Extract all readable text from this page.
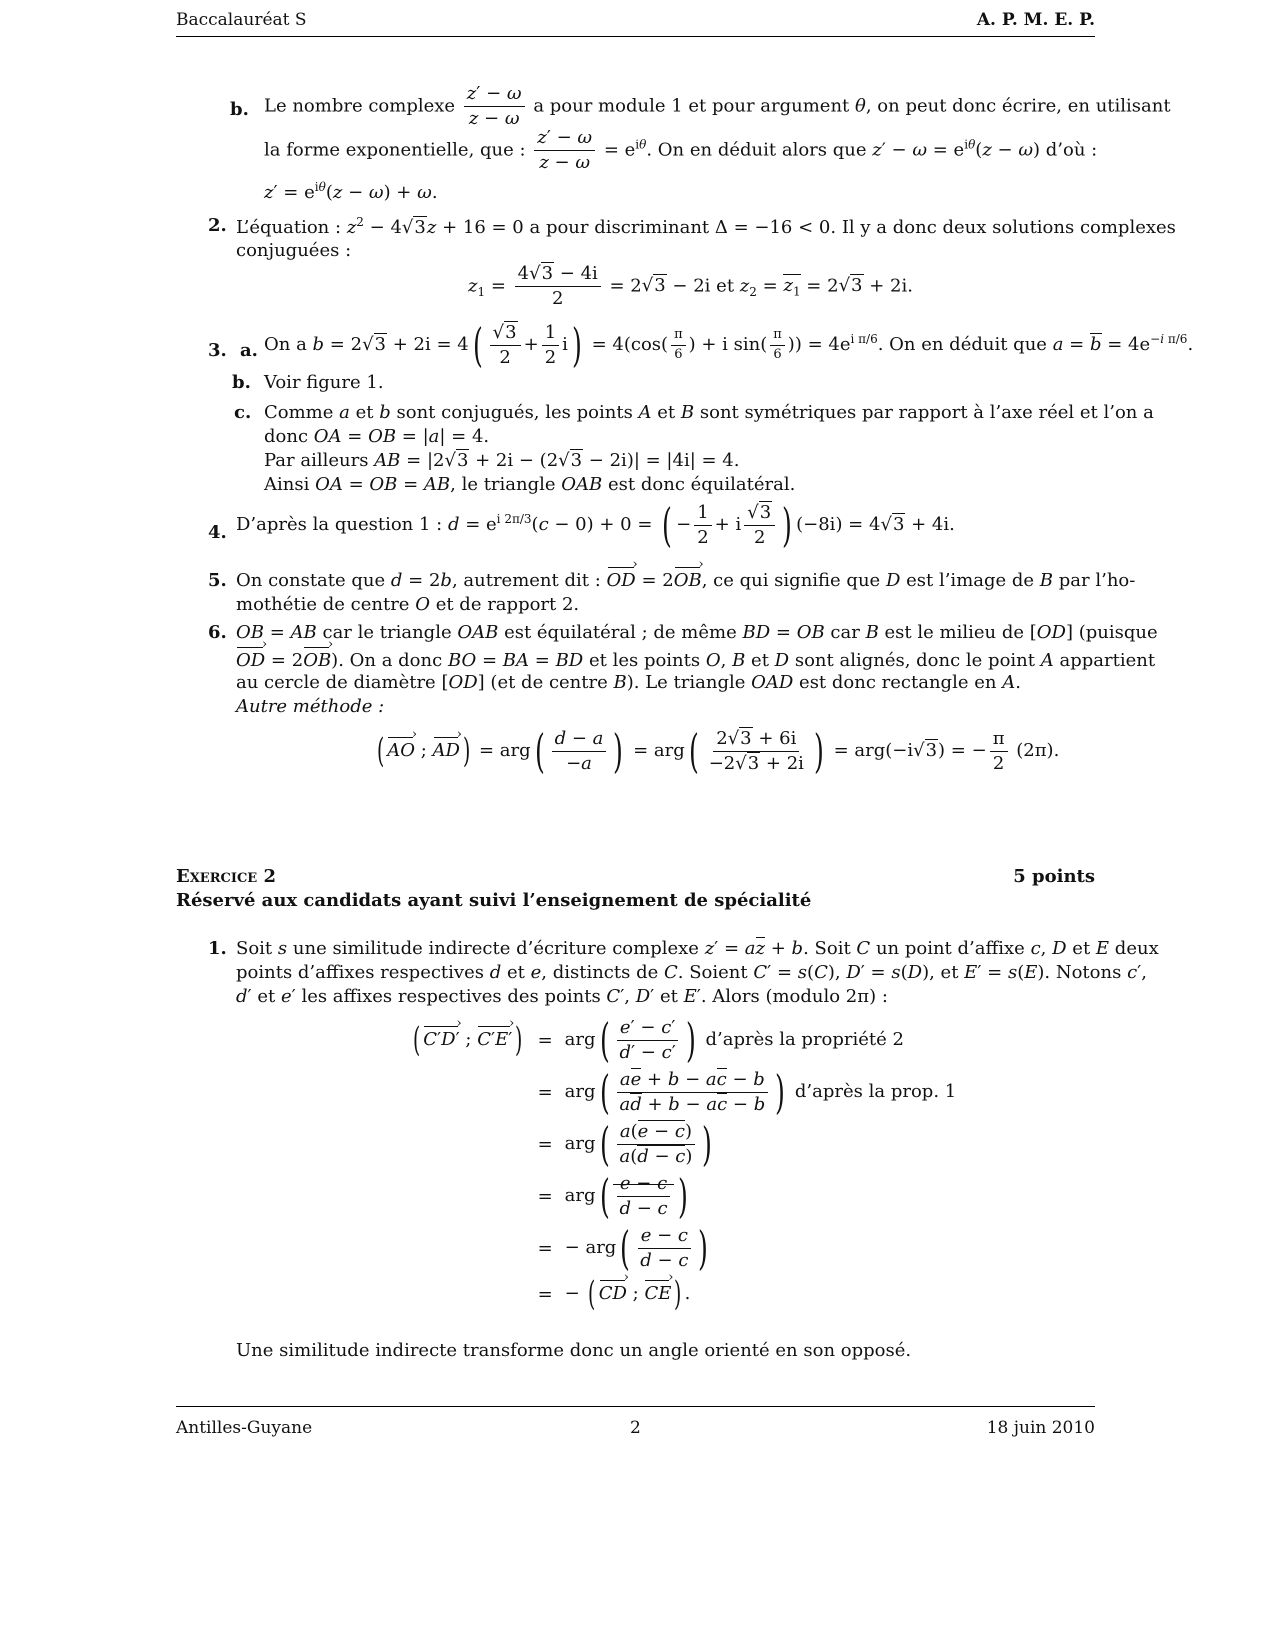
Baccalauréat S	A. P. M. E. P.
b. Le nombre complexe $\frac{z' - \omega}{z - \omega}$ a pour module 1 et pour argument θ, on peut donc écrire, en utilisant
la forme exponentielle, que : $\frac{z' - \omega}{z - \omega} = e^{i\theta}$. On en déduit alors que $z' - \omega = e^{i\theta}(z - \omega)$ d’où :
$z' = e^{i\theta}(z - \omega) + \omega$.
2. L’équation : $z^2 - 4√3z + 16 = 0$ a pour discriminant Δ = −16 < 0. Il y a donc deux solutions complexes
conjuguées :
$z_1 = \frac{4√3 - 4i}{2} = 2√3 - 2i$ et $z_2 = z_1 = 2√3 + 2i$.
3. a. On a $b = 2√3 + 2i = 4( \frac{√3}{2} + \frac{1}{2} i) = 4(\cos( \frac{\pi}{6}$ ) + i $\sin( \frac{\pi}{6}$ )) = $4e^{i \pi/6}$. On en déduit que $a = b = 4e^{-i \pi/6}$.
b. Voir figure 1.
c. Comme a et b sont conjugués, les points A et B sont symétriques par rapport à l’axe réel et l’on a
donc OA = OB = |a| = 4.
Par ailleurs AB = |2√3 + 2i − (2√3 − 2i)| = |4i| = 4.
Ainsi OA = OB = AB, le triangle OAB est donc équilatéral.
4. D’après la question 1 : $d = e^{i 2\pi/3}(c - 0) + 0$ = ( − $\frac{1}{2} + i \frac{√3}{2}$ ) (−8i) = 4√3 + 4i.
5. On constate que d = 2b, autrement dit : OD › = 2OB ›, ce qui signifie que D est l’image de B par l’ho-
mothétie de centre O et de rapport 2.
6. OB = AB car le triangle OAB est équilatéral ; de même BD = OB car B est le milieu de [OD] (puisque
OD › = 2OB ›). On a donc BO = BA = BD et les points O, B et D sont alignés, donc le point A appartient
au cercle de diamètre [OD] (et de centre B). Le triangle OAD est donc rectangle en A.
Autre méthode :
( AO › ; AD ›) = $arg( \frac{d - a}{-a}$ ) = $arg( \frac{2√3 + 6i}{-2√3 + 2i}$ ) = arg(−i√3) = − $\frac{\pi}{2} (2\pi)$.
Exercice 2	5 points
Réservé aux candidats ayant suivi l’enseignement de spécialité
1. Soit s une similitude indirecte d’écriture complexe z′ = az + b. Soit C un point d’affixe c, D et E deux
points d’affixes respectives d et e, distincts de C. Soient C′ = s(C), D′ = s(D), et E′ = s(E). Notons c′,
d′ et e′ les affixes respectives des points C′, D′ et E′. Alors (modulo 2π) :
( C′D′ › ; C′E′ ›)	=	$arg( \frac{e' - c'}{d' - c'}$ ) d’après la propriété 2
	=	$arg( \frac{ae + b - ac - b}{ad + b - ac - b}$ ) d’après la prop. 1
	=	$arg( \frac{a(e - c)}{a(d - c)}$ )
	=	$arg( \frac{e - c}{d - c}$ )
	=	− $arg( \frac{e - c}{d - c}$ )
	=	− ( CD › ; CE ›) .
Une similitude indirecte transforme donc un angle orienté en son opposé.
Antilles-Guyane	2	18 juin 2010
